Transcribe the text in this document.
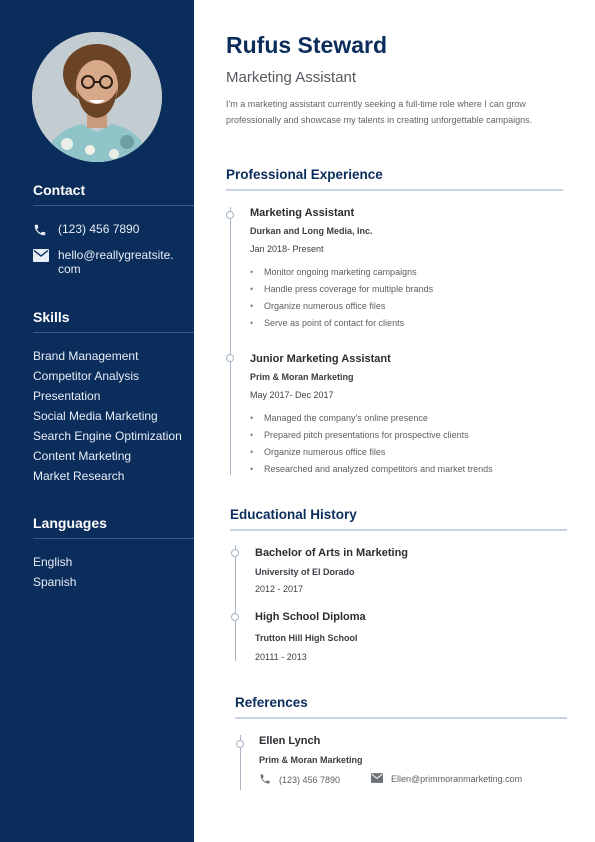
Contact
(123) 456 7890
hello@reallygreatsite.
com
Skills
Brand Management
Competitor Analysis
Presentation
Social Media Marketing
Search Engine Optimization
Content Marketing
Market Research
Languages
English
Spanish
Rufus Steward
Marketing Assistant
I'm a marketing assistant currently seeking a full-time role where I can grow professionally and showcase my talents in creating unforgettable campaigns.
Professional Experience
Marketing Assistant
Durkan and Long Media, Inc.
Jan 2018- Present
• Monitor ongoing marketing campaigns
• Handle press coverage for multiple brands
• Organize numerous office files
• Serve as point of contact for clients
Junior Marketing Assistant
Prim & Moran Marketing
May 2017- Dec 2017
• Managed the company's online presence
• Prepared pitch presentations for prospective clients
• Organize numerous office files
• Researched and analyzed competitors and market trends
Educational History
Bachelor of Arts in Marketing
University of El Dorado
2012 - 2017
High School Diploma
Trutton Hill High School
20111 - 2013
References
Ellen Lynch
Prim & Moran Marketing
(123) 456 7890	Ellen@primmoranmarketing.com
